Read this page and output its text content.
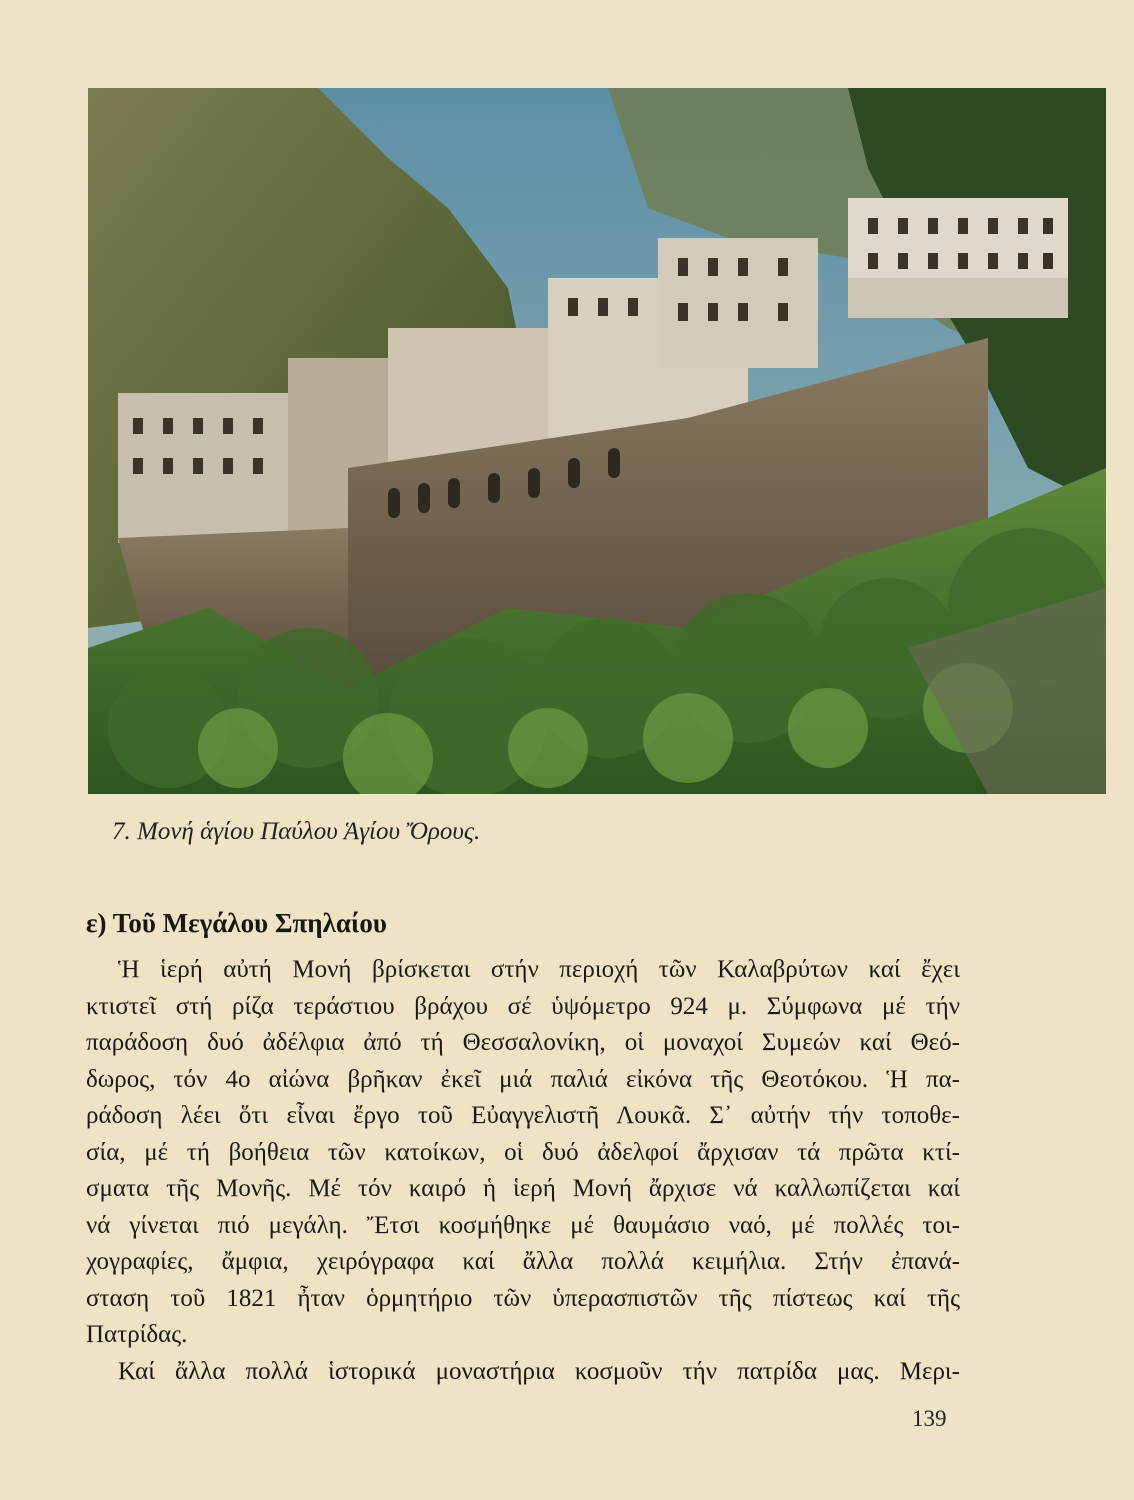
7. Μονή ἁγίου Παύλου Ἁγίου Ὄρους.
ε) Τοῦ Μεγάλου Σπηλαίου
Ἡ ἱερή αὐτή Μονή βρίσκεται στήν περιοχή τῶν Καλαβρύτων καί ἔχει
κτιστεῖ στή ρίζα τεράστιου βράχου σέ ὑψόμετρο 924 μ. Σύμφωνα μέ τήν
παράδοση δυό ἀδέλφια ἀπό τή Θεσσαλονίκη, οἱ μοναχοί Συμεών καί Θεό-
δωρος, τόν 4ο αἰώνα βρῆκαν ἐκεῖ μιά παλιά εἰκόνα τῆς Θεοτόκου. Ἡ πα-
ράδοση λέει ὅτι εἶναι ἔργο τοῦ Εὐαγγελιστῆ Λουκᾶ. Σ᾿ αὐτήν τήν τοποθε-
σία, μέ τή βοήθεια τῶν κατοίκων, οἱ δυό ἀδελφοί ἄρχισαν τά πρῶτα κτί-
σματα τῆς Μονῆς. Μέ τόν καιρό ἡ ἱερή Μονή ἄρχισε νά καλλωπίζεται καί
νά γίνεται πιό μεγάλη. Ἔτσι κοσμήθηκε μέ θαυμάσιο ναό, μέ πολλές τοι-
χογραφίες, ἄμφια, χειρόγραφα καί ἄλλα πολλά κειμήλια. Στήν ἐπανά-
σταση τοῦ 1821 ἦταν ὁρμητήριο τῶν ὑπερασπιστῶν τῆς πίστεως καί τῆς
Πατρίδας.
Καί ἄλλα πολλά ἱστορικά μοναστήρια κοσμοῦν τήν πατρίδα μας. Μερι-
139
